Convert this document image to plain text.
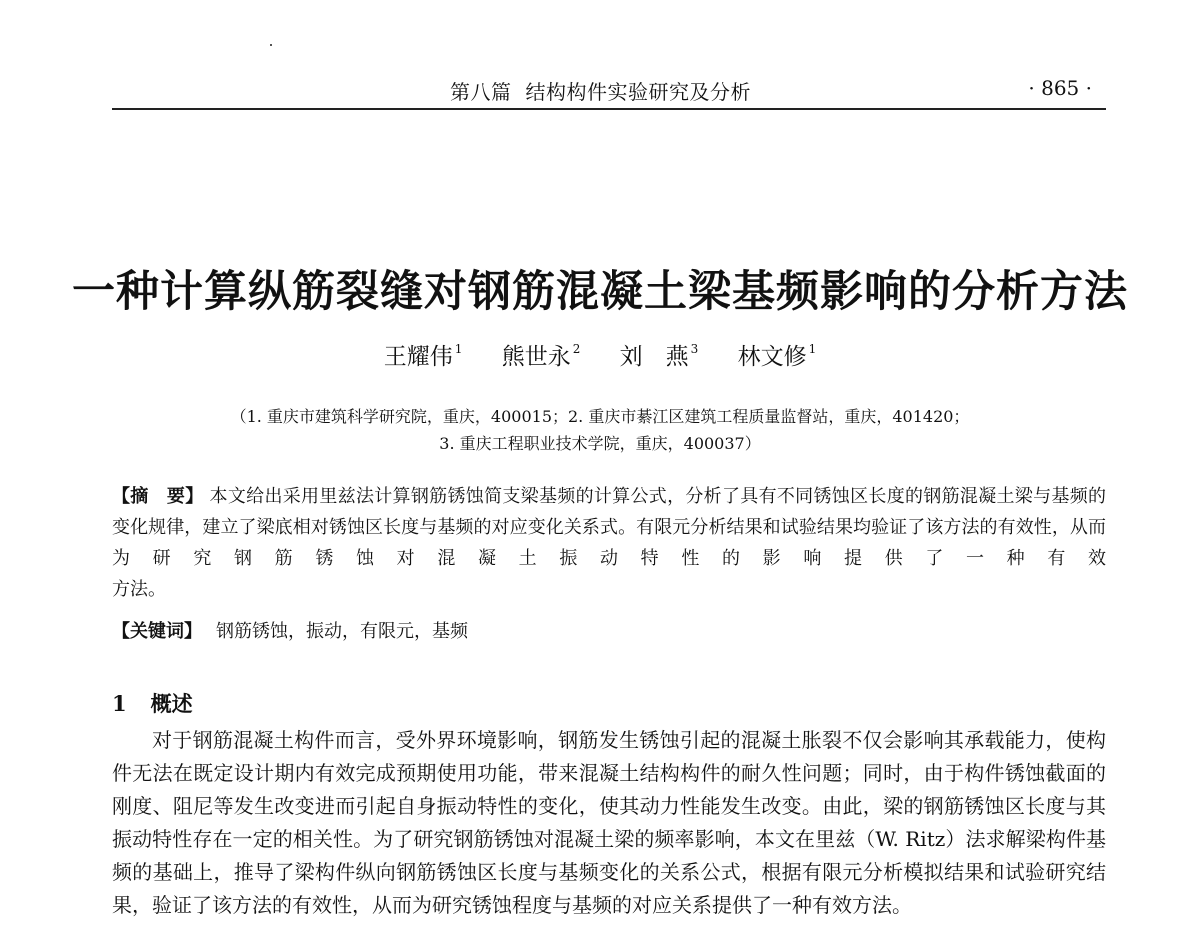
第八篇 结构构件实验研究及分析	· 865 ·
一种计算纵筋裂缝对钢筋混凝土梁基频影响的分析方法
王耀伟 $^1$ 熊世永 $^2$ 刘　燕 $^3$ 林文修 $^1$
（1. 重庆市建筑科学研究院，重庆，400015；2. 重庆市綦江区建筑工程质量监督站，重庆，401420；
3. 重庆工程职业技术学院，重庆，400037）
【摘　要】 本文给出采用里兹法计算钢筋锈蚀简支梁基频的计算公式，分析了具有不同锈蚀区长度的钢筋混凝土梁与基频的变化规律，建立了梁底相对锈蚀区长度与基频的对应变化关系式。有限元分析结果和试验结果均验证了该方法的有效性，从而为研究钢筋锈蚀对混凝土振动特性的影响提供了一种有效
方法。
【关键词】 钢筋锈蚀，振动，有限元，基频
1 概述
对于钢筋混凝土构件而言，受外界环境影响，钢筋发生锈蚀引起的混凝土胀裂不仅会影响其承载能力，使构件无法在既定设计期内有效完成预期使用功能，带来混凝土结构构件的耐久性问题；同时，由于构件锈蚀截面的刚度、阻尼等发生改变进而引起自身振动特性的变化，使其动力性能发生改变。由此，梁的钢筋锈蚀区长度与其振动特性存在一定的相关性。为了研究钢筋锈蚀对混凝土梁的频率影响，本文在里兹（W. Ritz）法求解梁构件基频的基础上，推导了梁构件纵向钢筋锈蚀区长度与基频变化的关系公式，根据有限元分析模拟结果和试验研究结果，验证了该方法的有效性，从而为研究锈蚀程度与基频的对应关系提供了一种有效方法。
